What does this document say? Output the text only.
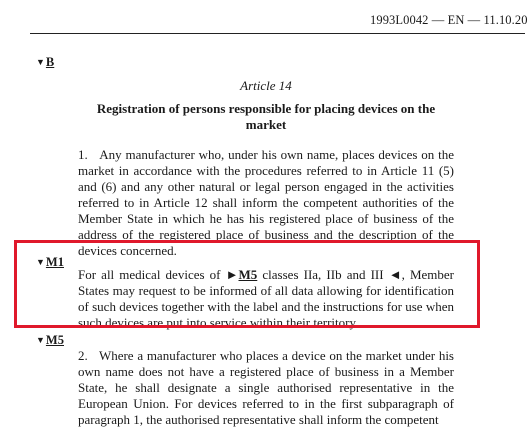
1993L0042 — EN — 11.10.20
▼B
Article 14
Registration of persons responsible for placing devices on the market
1.   Any manufacturer who, under his own name, places devices on the market in accordance with the procedures referred to in Article 11 (5) and (6) and any other natural or legal person engaged in the activities referred to in Article 12 shall inform the competent authorities of the Member State in which he has his registered place of business of the address of the registered place of business and the description of the devices concerned.
▼M1
For all medical devices of ►M5 classes IIa, IIb and III ◄, Member States may request to be informed of all data allowing for identification of such devices together with the label and the instructions for use when such devices are put into service within their territory.
▼M5
2.   Where a manufacturer who places a device on the market under his own name does not have a registered place of business in a Member State, he shall designate a single authorised representative in the European Union. For devices referred to in the first subparagraph of paragraph 1, the authorised representative shall inform the competent
